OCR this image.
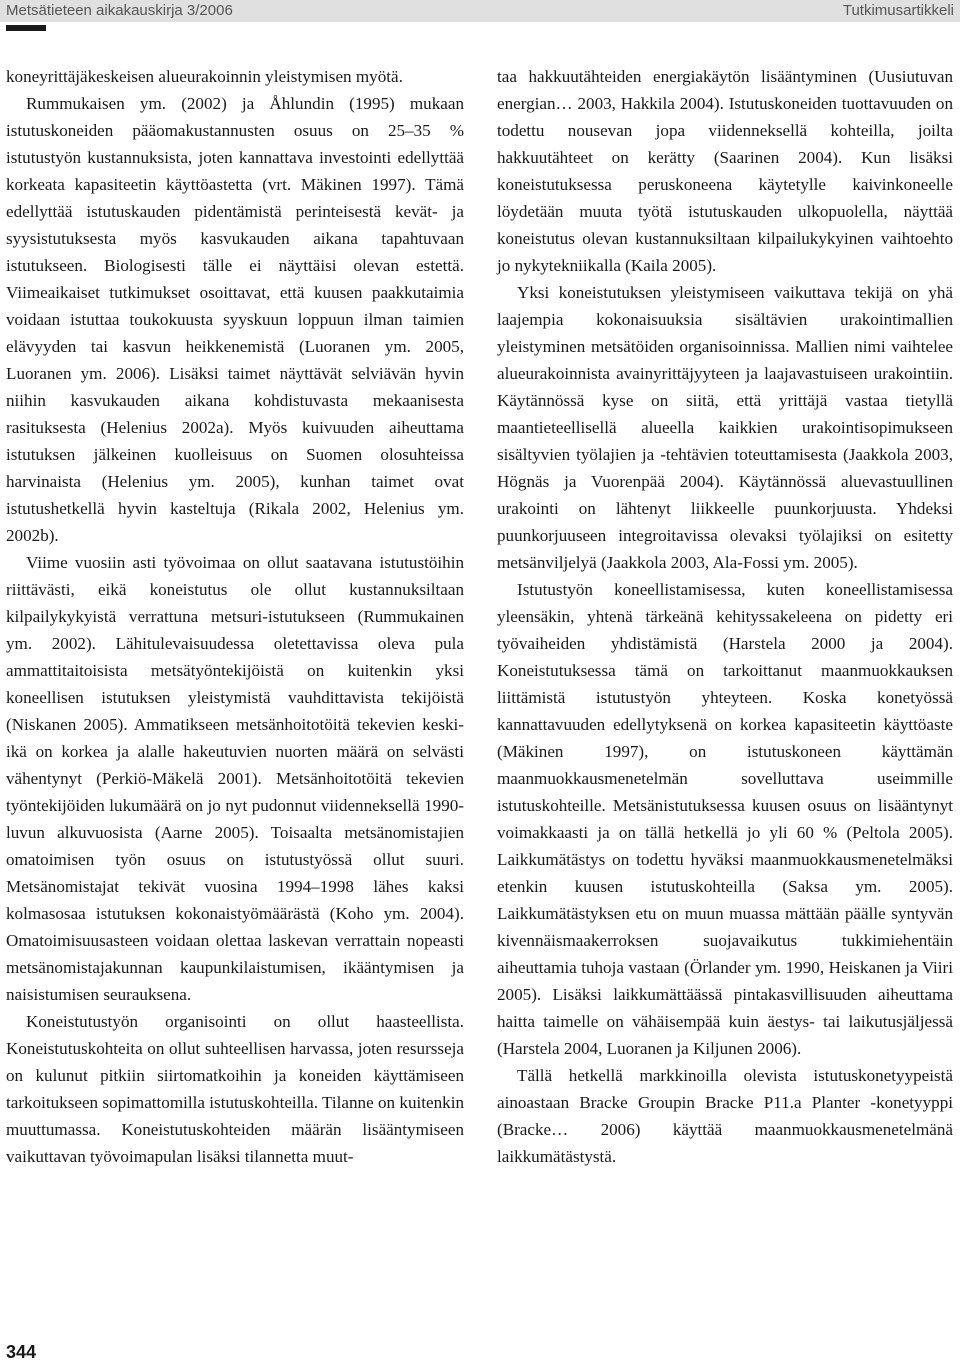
Metsätieteen aikakauskirja 3/2006	Tutkimusartikkeli

koneyrittäjäkeskeisen alueurakoinnin yleistymisen myötä.

Rummukaisen ym. (2002) ja Åhlundin (1995) mukaan istutuskoneiden pääomakustannusten osuus on 25–35 % istutustyön kustannuksista, joten kannattava investointi edellyttää korkeata kapasiteetin käyttöastetta (vrt. Mäkinen 1997). Tämä edellyttää istutuskauden pidentämistä perinteisestä kevät- ja syysistutuksesta myös kasvukauden aikana tapahtuvaan istutukseen. Biologisesti tälle ei näyttäisi olevan estettä. Viimeaikaiset tutkimukset osoittavat, että kuusen paakkutaimia voidaan istuttaa toukokuusta syyskuun loppuun ilman taimien elävyyden tai kasvun heikkenemistä (Luoranen ym. 2005, Luoranen ym. 2006). Lisäksi taimet näyttävät selviävän hyvin niihin kasvukauden aikana kohdistuvasta mekaanisesta rasituksesta (Helenius 2002a). Myös kuivuuden aiheuttama istutuksen jälkeinen kuolleisuus on Suomen olosuhteissa harvinaista (Helenius ym. 2005), kunhan taimet ovat istutushetkellä hyvin kasteltuja (Rikala 2002, Helenius ym. 2002b).

Viime vuosiin asti työvoimaa on ollut saatavana istutustöihin riittävästi, eikä koneistutus ole ollut kustannuksiltaan kilpailykykyistä verrattuna metsuri-istutukseen (Rummukainen ym. 2002). Lähitulevaisuudessa oletettavissa oleva pula ammattitaitoisista metsätyöntekijöistä on kuitenkin yksi koneellisen istutuksen yleistymistä vauhdittavista tekijöistä (Niskanen 2005). Ammatikseen metsänhoitotöitä tekevien keski-ikä on korkea ja alalle hakeutuvien nuorten määrä on selvästi vähentynyt (Perkiö-Mäkelä 2001). Metsänhoitotöitä tekevien työntekijöiden lukumäärä on jo nyt pudonnut viidenneksellä 1990-luvun alkuvuosista (Aarne 2005). Toisaalta metsänomistajien omatoimisen työn osuus on istutustyössä ollut suuri. Metsänomistajat tekivät vuosina 1994–1998 lähes kaksi kolmasosaa istutuksen kokonaistyömäärästä (Koho ym. 2004). Omatoimisuusasteen voidaan olettaa laskevan verrattain nopeasti metsänomistajakunnan kaupunkilaistumisen, ikääntymisen ja naisistumisen seurauksena.

Koneistutustyön organisointi on ollut haasteellista. Koneistutuskohteita on ollut suhteellisen harvassa, joten resursseja on kulunut pitkiin siirtomatkoihin ja koneiden käyttämiseen tarkoitukseen sopimattomilla istutuskohteilla. Tilanne on kuitenkin muuttumassa. Koneistutuskohteiden määrän lisääntymiseen vaikuttavan työvoimapulan lisäksi tilannetta muut-

taa hakkuutähteiden energiakäytön lisääntyminen (Uusiutuvan energian… 2003, Hakkila 2004). Istutuskoneiden tuottavuuden on todettu nousevan jopa viidenneksellä kohteilla, joilta hakkuutähteet on kerätty (Saarinen 2004). Kun lisäksi koneistutuksessa peruskoneena käytetylle kaivinkoneelle löydetään muuta työtä istutuskauden ulkopuolella, näyttää koneistutus olevan kustannuksiltaan kilpailukykyinen vaihtoehto jo nykytekniikalla (Kaila 2005).

Yksi koneistutuksen yleistymiseen vaikuttava tekijä on yhä laajempia kokonaisuuksia sisältävien urakointimallien yleistyminen metsätöiden organisoinnissa. Mallien nimi vaihtelee alueurakoinnista avainyrittäjyyteen ja laajavastuiseen urakointiin. Käytännössä kyse on siitä, että yrittäjä vastaa tietyllä maantieteellisellä alueella kaikkien urakointisopimukseen sisältyvien työlajien ja -tehtävien toteuttamisesta (Jaakkola 2003, Högnäs ja Vuorenpää 2004). Käytännössä aluevastuullinen urakointi on lähtenyt liikkeelle puunkorjuusta. Yhdeksi puunkorjuuseen integroitavissa olevaksi työlajiksi on esitetty metsänviljelyä (Jaakkola 2003, Ala-Fossi ym. 2005).

Istutustyön koneellistamisessa, kuten koneellistamisessa yleensäkin, yhtenä tärkeänä kehityssakeleena on pidetty eri työvaiheiden yhdistämistä (Harstela 2000 ja 2004). Koneistutuksessa tämä on tarkoittanut maanmuokkauksen liittämistä istutustyön yhteyteen. Koska konetyössä kannattavuuden edellytyksenä on korkea kapasiteetin käyttöaste (Mäkinen 1997), on istutuskoneen käyttämän maanmuokkausmenetelmän sovelluttava useimmille istutuskohteille. Metsänistutuksessa kuusen osuus on lisääntynyt voimakkaasti ja on tällä hetkellä jo yli 60 % (Peltola 2005). Laikkumätästys on todettu hyväksi maanmuokkausmenetelmäksi etenkin kuusen istutuskohteilla (Saksa ym. 2005). Laikkumätästyksen etu on muun muassa mättään päälle syntyvän kivennäismaakerroksen suojavaikutus tukkimiehentäin aiheuttamia tuhoja vastaan (Örlander ym. 1990, Heiskanen ja Viiri 2005). Lisäksi laikkumättäässä pintakasvillisuuden aiheuttama haitta taimelle on vähäisempää kuin äestys- tai laikutusjäljessä (Harstela 2004, Luoranen ja Kiljunen 2006).

Tällä hetkellä markkinoilla olevista istutuskonetyypeistä ainoastaan Bracke Groupin Bracke P11.a Planter -konetyyppi (Bracke… 2006) käyttää maanmuokkausmenetelmänä laikkumätästystä.

344
